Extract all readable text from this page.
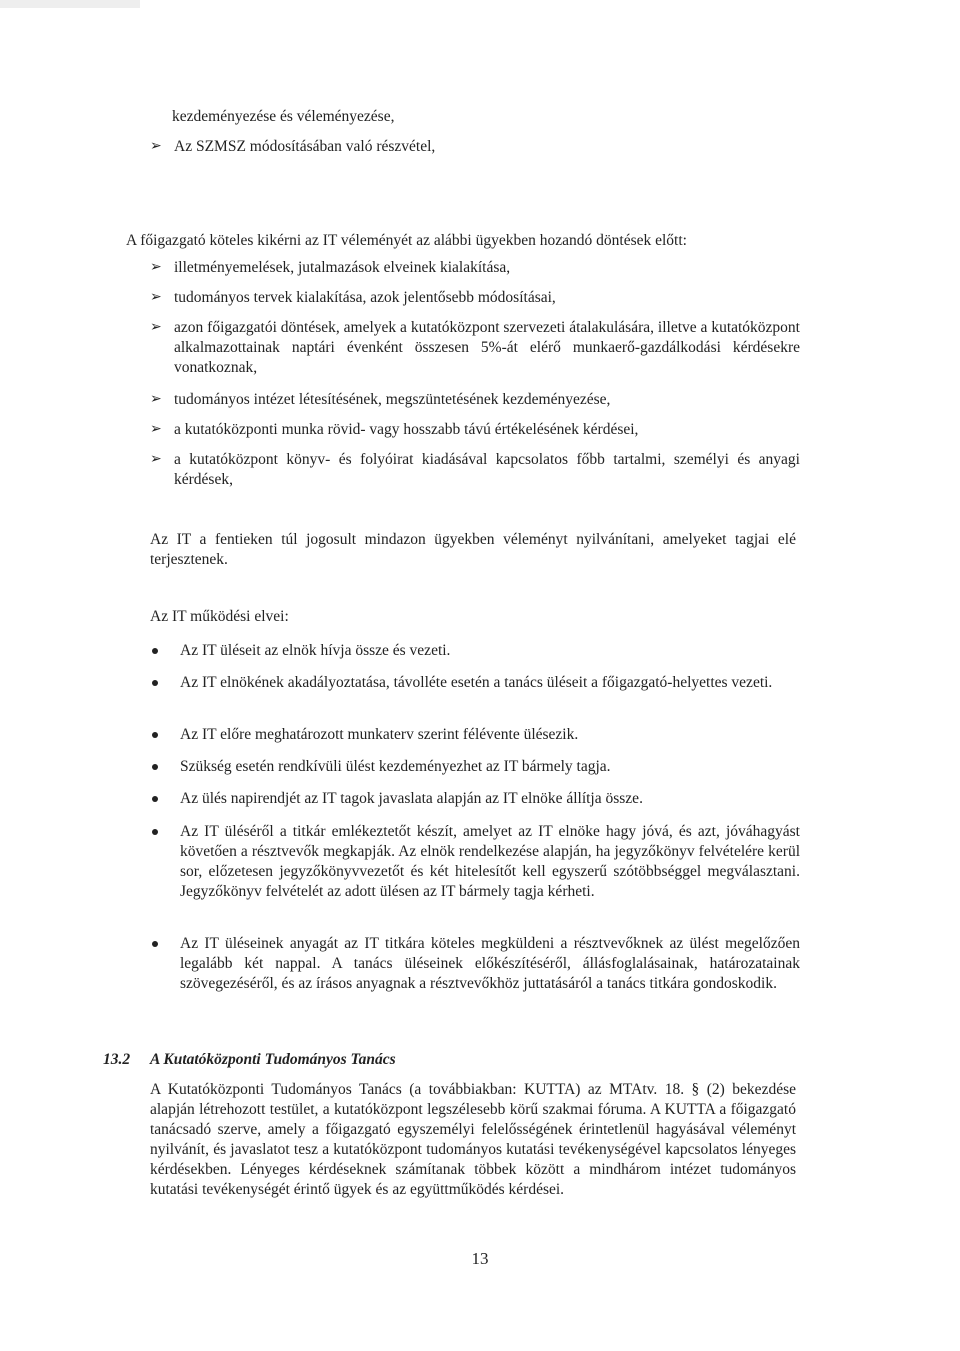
kezdeményezése és véleményezése,
➢ Az SZMSZ módosításában való részvétel,
A főigazgató köteles kikérni az IT véleményét az alábbi ügyekben hozandó döntések előtt:
➢ illetményemelések, jutalmazások elveinek kialakítása,
➢ tudományos tervek kialakítása, azok jelentősebb módosításai,
➢ azon főigazgatói döntések, amelyek a kutatóközpont szervezeti átalakulására, illetve a kutatóközpont alkalmazottainak naptári évenként összesen 5%-át elérő munkaerő-gazdálkodási kérdésekre vonatkoznak,
➢ tudományos intézet létesítésének, megszüntetésének kezdeményezése,
➢ a kutatóközponti munka rövid- vagy hosszabb távú értékelésének kérdései,
➢ a kutatóközpont könyv- és folyóirat kiadásával kapcsolatos főbb tartalmi, személyi és anyagi kérdések,
Az IT a fentieken túl jogosult mindazon ügyekben véleményt nyilvánítani, amelyeket tagjai elé terjesztenek.
Az IT működési elvei:
Az IT üléseit az elnök hívja össze és vezeti.
Az IT elnökének akadályoztatása, távolléte esetén a tanács üléseit a főigazgató-helyettes vezeti.
Az IT előre meghatározott munkaterv szerint félévente ülésezik.
Szükség esetén rendkívüli ülést kezdeményezhet az IT bármely tagja.
Az ülés napirendjét az IT tagok javaslata alapján az IT elnöke állítja össze.
Az IT üléséről a titkár emlékeztetőt készít, amelyet az IT elnöke hagy jóvá, és azt, jóváhagyást követően a résztvevők megkapják. Az elnök rendelkezése alapján, ha jegyzőkönyv felvételére kerül sor, előzetesen jegyzőkönyvvezetőt és két hitelesítőt kell egyszerű szótöbbséggel megválasztani. Jegyzőkönyv felvételét az adott ülésen az IT bármely tagja kérheti.
Az IT üléseinek anyagát az IT titkára köteles megküldeni a résztvevőknek az ülést megelőzően legalább két nappal. A tanács üléseinek előkészítéséről, állásfoglalásainak, határozatainak szövegezéséről, és az írásos anyagnak a résztvevőkhöz juttatásáról a tanács titkára gondoskodik.
13.2 A Kutatóközponti Tudományos Tanács
A Kutatóközponti Tudományos Tanács (a továbbiakban: KUTTA) az MTAtv. 18. § (2) bekezdése alapján létrehozott testület, a kutatóközpont legszélesebb körű szakmai fóruma. A KUTTA a főigazgató tanácsadó szerve, amely a főigazgató egyszemélyi felelősségének érintetlenül hagyásával véleményt nyilvánít, és javaslatot tesz a kutatóközpont tudományos kutatási tevékenységével kapcsolatos lényeges kérdésekben. Lényeges kérdéseknek számítanak többek között a mindhárom intézet tudományos kutatási tevékenységét érintő ügyek és az együttműködés kérdései.
13
